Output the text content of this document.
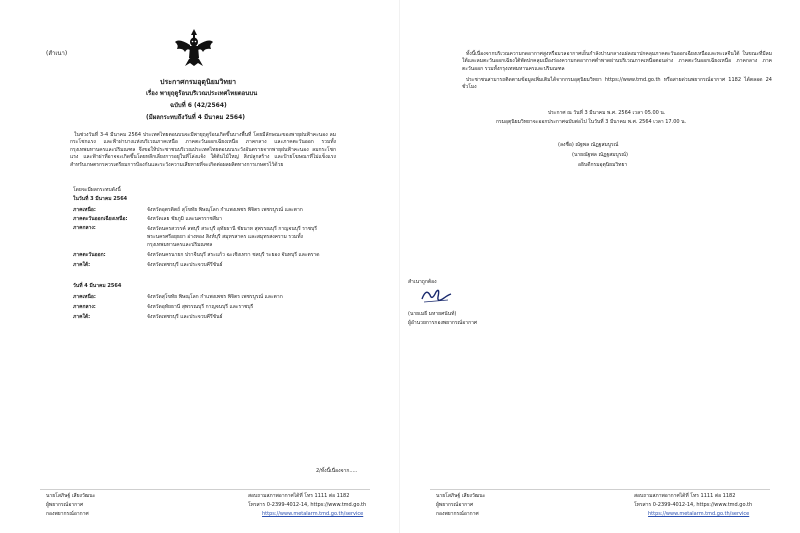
(สำเนา)
ประกาศกรมอุตุนิยมวิทยา
เรื่อง พายุฤดูร้อนบริเวณประเทศไทยตอนบน
ฉบับที่ 6 (42/2564)
(มีผลกระทบถึงวันที่ 4 มีนาคม 2564)
ในช่วงวันที่ 3-4 มีนาคม 2564 ประเทศไทยตอนบนจะมีพายุฤดูร้อนเกิดขึ้นบางพื้นที่ โดยมีลักษณะของพายุฝนฟ้าคะนอง ลมกระโชกแรง และฟ้าผ่าบางแห่งบริเวณภาคเหนือ ภาคตะวันออกเฉียงเหนือ ภาคกลาง และภาคตะวันออก รวมทั้งกรุงเทพมหานครและปริมณฑล จึงขอให้ประชาชนบริเวณประเทศไทยตอนบนระวังอันตรายจากพายุฝนฟ้าคะนอง ลมกระโชกแรง และฟ้าผ่าที่อาจจะเกิดขึ้นโดยหลีกเลี่ยงการอยู่ในที่โล่งแจ้ง ใต้ต้นไม้ใหญ่ สิ่งปลูกสร้าง และป้ายโฆษณาที่ไม่แข็งแรง สำหรับเกษตรกรควรเตรียมการป้องกันและระวังความเสียหายที่จะเกิดต่อผลผลิตทางการเกษตรไว้ด้วย
โดยจะมีผลกระทบดังนี้
ในวันที่ 3 มีนาคม 2564
ภาคเหนือ:	จังหวัดอุตรดิตถ์ สุโขทัย พิษณุโลก กำแพงเพชร พิจิตร เพชรบูรณ์ และตาก
ภาคตะวันออกเฉียงเหนือ:	จังหวัดเลย ชัยภูมิ และนครราชสีมา
ภาคกลาง:	จังหวัดนครสวรรค์ ลพบุรี สระบุรี อุทัยธานี ชัยนาท สุพรรณบุรี กาญจนบุรี ราชบุรี พระนครศรีอยุธยา อ่างทอง สิงห์บุรี สมุทรสาคร และสมุทรสงคราม รวมทั้งกรุงเทพมหานครและปริมณฑล
ภาคตะวันออก:	จังหวัดนครนายก ปราจีนบุรี สระแก้ว ฉะเชิงเทรา ชลบุรี ระยอง จันทบุรี และตราด
ภาคใต้:	จังหวัดเพชรบุรี และประจวบคีรีขันธ์
วันที่ 4 มีนาคม 2564
ภาคเหนือ:	จังหวัดสุโขทัย พิษณุโลก กำแพงเพชร พิจิตร เพชรบูรณ์ และตาก
ภาคกลาง:	จังหวัดอุทัยธานี สุพรรณบุรี กาญจนบุรี และราชบุรี
ภาคใต้:	จังหวัดเพชรบุรี และประจวบคีรีขันธ์
2/ทั้งนี้เนื่องจาก.....
นายโสภิษฐ์ เสียงวัฒนะ
ผู้พยากรณ์อากาศ
กองพยากรณ์อากาศ
สอบถามสภาพอากาศได้ที่ โทร 1111 ต่อ 1182
โทรสาร 0-2399-4012-14, https://www.tmd.go.th
https://www.metalarm.tmd.go.th/service
ทั้งนี้เนื่องจากบริเวณความกดอากาศสูงหรือมวลอากาศเย็นกำลังปานกลางแผ่ลงมาปกคลุมภาคตะวันออกเฉียงเหนือและทะเลจีนใต้ ในขณะที่มีลมใต้และลมตะวันออกเฉียงใต้พัดปกคลุมเมืองร่องความกดอากาศต่ำพาดผ่านบริเวณภาคเหนือตอนล่าง ภาคตะวันออกเฉียงเหนือ ภาคกลาง ภาคตะวันออก รวมทั้งกรุงเทพมหานครและปริมณฑล
ประชาชนสามารถติดตามข้อมูลเพิ่มเติมได้จากกรมอุตุนิยมวิทยา https://www.tmd.go.th หรือสายด่วนพยากรณ์อากาศ 1182 ได้ตลอด 24 ชั่วโมง
ประกาศ ณ วันที่ 3 มีนาคม พ.ศ. 2564 เวลา 05.00 น.
กรมอุตุนิยมวิทยาจะออกประกาศฉบับต่อไป ในวันที่ 3 มีนาคม พ.ศ. 2564 เวลา 17.00 น.
(ลงชื่อ) ณัฐพล ณัฏฐสมบูรณ์
(นายณัฐพล ณัฏฐสมบูรณ์)
อธิบดีกรมอุตุนิยมวิทยา
สำเนาถูกต้อง
(นายเมธี มหายศนันท์)
ผู้อำนวยการกองพยากรณ์อากาศ
นายโสภิษฐ์ เสียงวัฒนะ
ผู้พยากรณ์อากาศ
กองพยากรณ์อากาศ
สอบถามสภาพอากาศได้ที่ โทร 1111 ต่อ 1182
โทรสาร 0-2399-4012-14, https://www.tmd.go.th
https://www.metalarm.tmd.go.th/service
